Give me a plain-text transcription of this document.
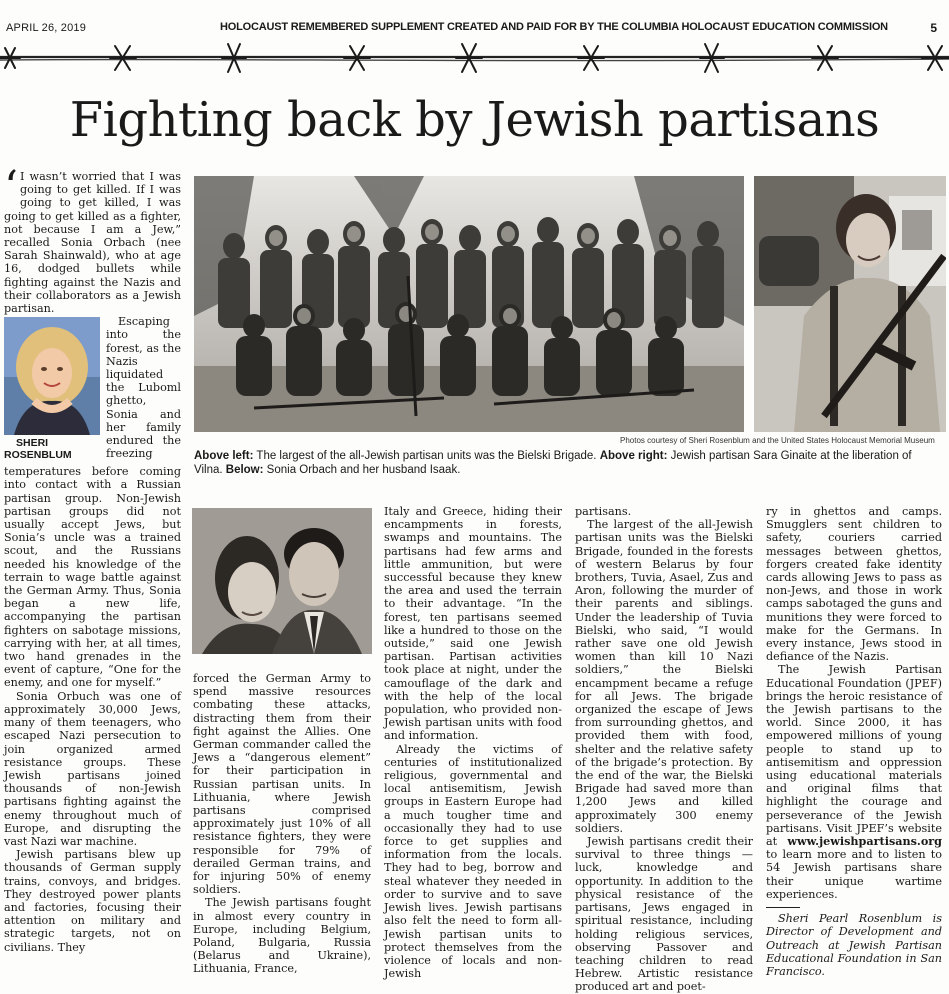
APRIL 26, 2019	HOLOCAUST REMEMBERED SUPPLEMENT CREATED AND PAID FOR BY THE COLUMBIA HOLOCAUST EDUCATION COMMISSION	5
Fighting back by Jewish partisans

‘ I wasn’t worried that I was going to get killed. If I was going to get killed, I was going to get killed as a fighter, not because I am a Jew,” recalled Sonia Orbach (nee Sarah Shainwald), who at age 16, dodged bullets while fighting against the Nazis and their collaborators as a Jewish partisan.

SHERI
ROSENBLUM
Escaping into the forest, as the Nazis liquidated the Luboml ghetto, Sonia and her family endured the freezing temperatures before coming into contact with a Russian partisan group. Non-Jewish partisan groups did not usually accept Jews, but Sonia’s uncle was a trained scout, and the Russians needed his knowledge of the terrain to wage battle against the German Army. Thus, Sonia began a new life, accompanying the partisan fighters on sabotage missions, carrying with her, at all times, two hand grenades in the event of capture, “One for the enemy, and one for myself.”

Sonia Orbuch was one of approximately 30,000 Jews, many of them teenagers, who escaped Nazi persecution to join organized armed resistance groups. These Jewish partisans joined thousands of non-Jewish partisans fighting against the enemy throughout much of Europe, and disrupting the vast Nazi war machine.

Jewish partisans blew up thousands of German supply trains, convoys, and bridges. They destroyed power plants and factories, focusing their attention on military and strategic targets, not on civilians. They

Photos courtesy of Sheri Rosenblum and the United States Holocaust Memorial Museum
Above left: The largest of the all-Jewish partisan units was the Bielski Brigade. Above right: Jewish partisan Sara Ginaite at the liberation of Vilna. Below: Sonia Orbach and her husband Isaak.

forced the German Army to spend massive resources combating these attacks, distracting them from their fight against the Allies. One German commander called the Jews a “dangerous element” for their participation in Russian partisan units. In Lithuania, where Jewish partisans comprised approximately just 10% of all resistance fighters, they were responsible for 79% of derailed German trains, and for injuring 50% of enemy soldiers.

The Jewish partisans fought in almost every country in Europe, including Belgium, Poland, Bulgaria, Russia (Belarus and Ukraine), Lithuania, France,

Italy and Greece, hiding their encampments in forests, swamps and mountains. The partisans had few arms and little ammunition, but were successful because they knew the area and used the terrain to their advantage. “In the forest, ten partisans seemed like a hundred to those on the outside,” said one Jewish partisan. Partisan activities took place at night, under the camouflage of the dark and with the help of the local population, who provided non-Jewish partisan units with food and information.

Already the victims of centuries of institutionalized religious, governmental and local antisemitism, Jewish groups in Eastern Europe had a much tougher time and occasionally they had to use force to get supplies and information from the locals. They had to beg, borrow and steal whatever they needed in order to survive and to save Jewish lives. Jewish partisans also felt the need to form all-Jewish partisan units to protect themselves from the violence of locals and non-Jewish

partisans.

The largest of the all-Jewish partisan units was the Bielski Brigade, founded in the forests of western Belarus by four brothers, Tuvia, Asael, Zus and Aron, following the murder of their parents and siblings. Under the leadership of Tuvia Bielski, who said, “I would rather save one old Jewish women than kill 10 Nazi soldiers,” the Bielski encampment became a refuge for all Jews. The brigade organized the escape of Jews from surrounding ghettos, and provided them with food, shelter and the relative safety of the brigade’s protection. By the end of the war, the Bielski Brigade had saved more than 1,200 Jews and killed approximately 300 enemy soldiers.

Jewish partisans credit their survival to three things — luck, knowledge and opportunity. In addition to the physical resistance of the partisans, Jews engaged in spiritual resistance, including holding religious services, observing Passover and teaching children to read Hebrew. Artistic resistance produced art and poet-

ry in ghettos and camps. Smugglers sent children to safety, couriers carried messages between ghettos, forgers created fake identity cards allowing Jews to pass as non-Jews, and those in work camps sabotaged the guns and munitions they were forced to make for the Germans. In every instance, Jews stood in defiance of the Nazis.

The Jewish Partisan Educational Foundation (JPEF) brings the heroic resistance of the Jewish partisans to the world. Since 2000, it has empowered millions of young people to stand up to antisemitism and oppression using educational materials and original films that highlight the courage and perseverance of the Jewish partisans. Visit JPEF’s website at www.jewishpartisans.org to learn more and to listen to 54 Jewish partisans share their unique wartime experiences.

Sheri Pearl Rosenblum is Director of Development and Outreach at Jewish Partisan Educational Foundation in San Francisco.
